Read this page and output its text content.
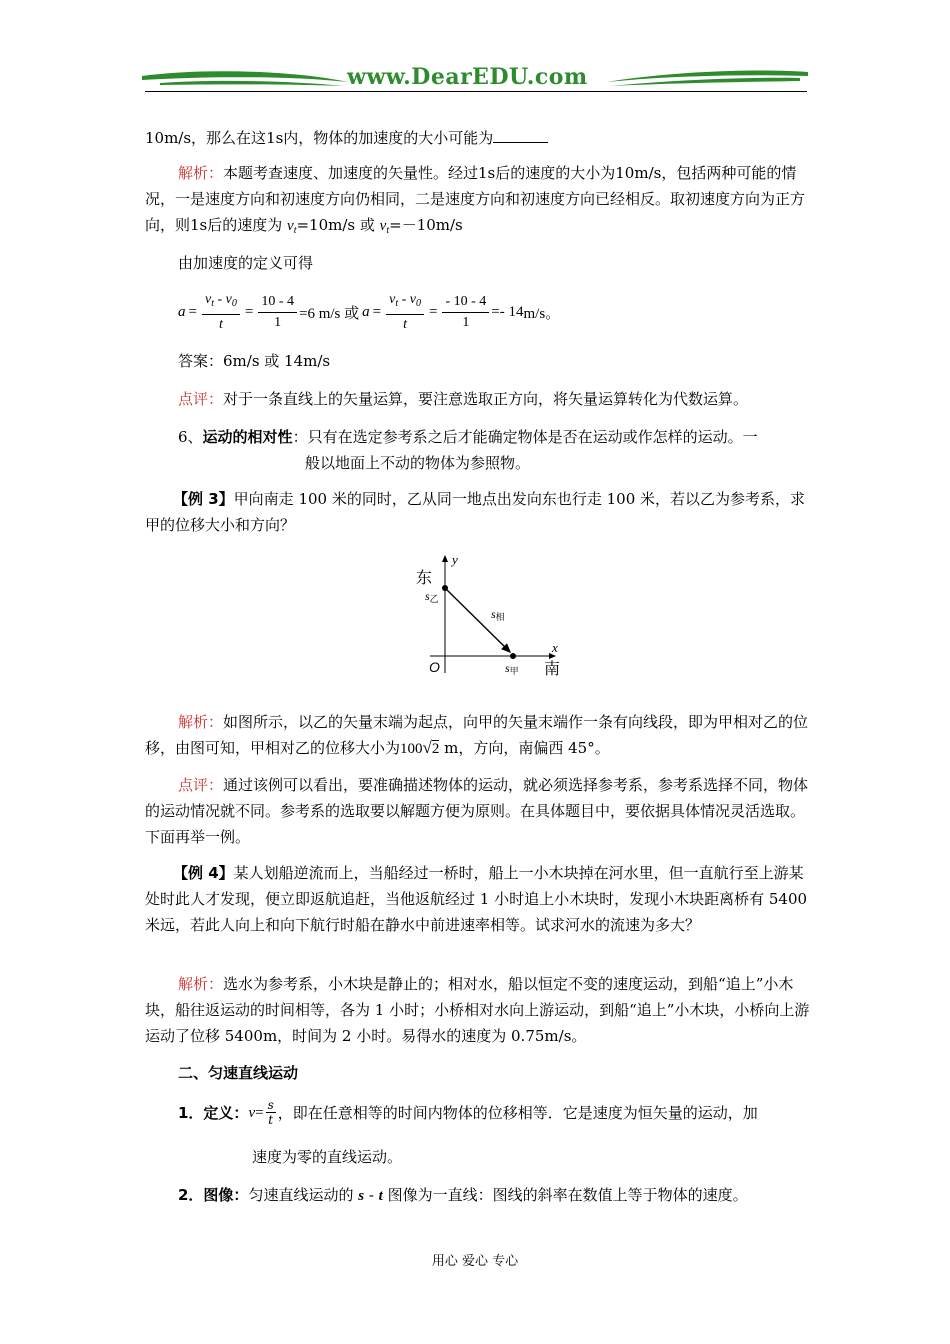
www.DearEDU.com
10m/s，那么在这1s内，物体的加速度的大小可能为
解析：本题考查速度、加速度的矢量性。经过1s后的速度的大小为10m/s，包括两种可能的情况，一是速度方向和初速度方向仍相同，二是速度方向和初速度方向已经相反。取初速度方向为正方向，则1s后的速度为 $v_t=10m/s$ 或 $v_t=-10m/s$
由加速度的定义可得
$a = \frac{v_t - v_0}{t} = \frac{10 - 4}{1} =6$ m/s 或 $a = \frac{v_t - v_0}{t} = \frac{- 10 - 4}{1} =- 14$ m/s。
答案：6m/s 或 14m/s
点评：对于一条直线上的矢量运算，要注意选取正方向，将矢量运算转化为代数运算。
6、运动的相对性：只有在选定参考系之后才能确定物体是否在运动或作怎样的运动。一
般以地面上不动的物体为参照物。
【例 3】甲向南走 100 米的同时，乙从同一地点出发向东也行走 100 米，若以乙为参考系，求甲的位移大小和方向？
东
y
s乙
s相
x
O	s甲 南
解析：如图所示，以乙的矢量末端为起点，向甲的矢量末端作一条有向线段，即为甲相对乙的位移，由图可知，甲相对乙的位移大小为100√2 m，方向，南偏西 45°。
点评：通过该例可以看出，要准确描述物体的运动，就必须选择参考系，参考系选择不同，物体的运动情况就不同。参考系的选取要以解题方便为原则。在具体题目中，要依据具体情况灵活选取。下面再举一例。
【例 4】某人划船逆流而上，当船经过一桥时，船上一小木块掉在河水里，但一直航行至上游某处时此人才发现，便立即返航追赶，当他返航经过 1 小时追上小木块时，发现小木块距离桥有 5400 米远，若此人向上和向下航行时船在静水中前进速率相等。试求河水的流速为多大？
解析：选水为参考系，小木块是静止的；相对水，船以恒定不变的速度运动，到船“追上”小木块，船往返运动的时间相等，各为 1 小时；小桥相对水向上游运动，到船“追上”小木块，小桥向上游运动了位移 5400m，时间为 2 小时。易得水的速度为 0.75m/s。
二、匀速直线运动
1．定义： $v = \frac{s}{t}$ ，即在任意相等的时间内物体的位移相等．它是速度为恒矢量的运动，加
速度为零的直线运动。
2．图像：匀速直线运动的 s - t 图像为一直线：图线的斜率在数值上等于物体的速度。
用心 爱心 专心
